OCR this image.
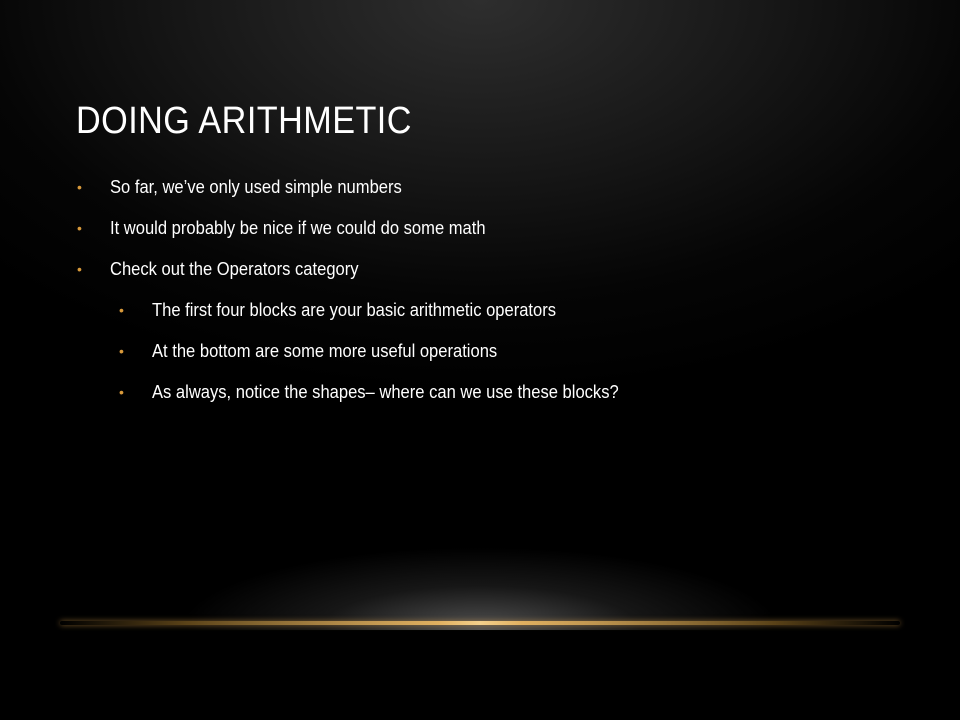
DOING ARITHMETIC
• So far, we’ve only used simple numbers
• It would probably be nice if we could do some math
• Check out the Operators category
• The first four blocks are your basic arithmetic operators
• At the bottom are some more useful operations
• As always, notice the shapes– where can we use these blocks?
